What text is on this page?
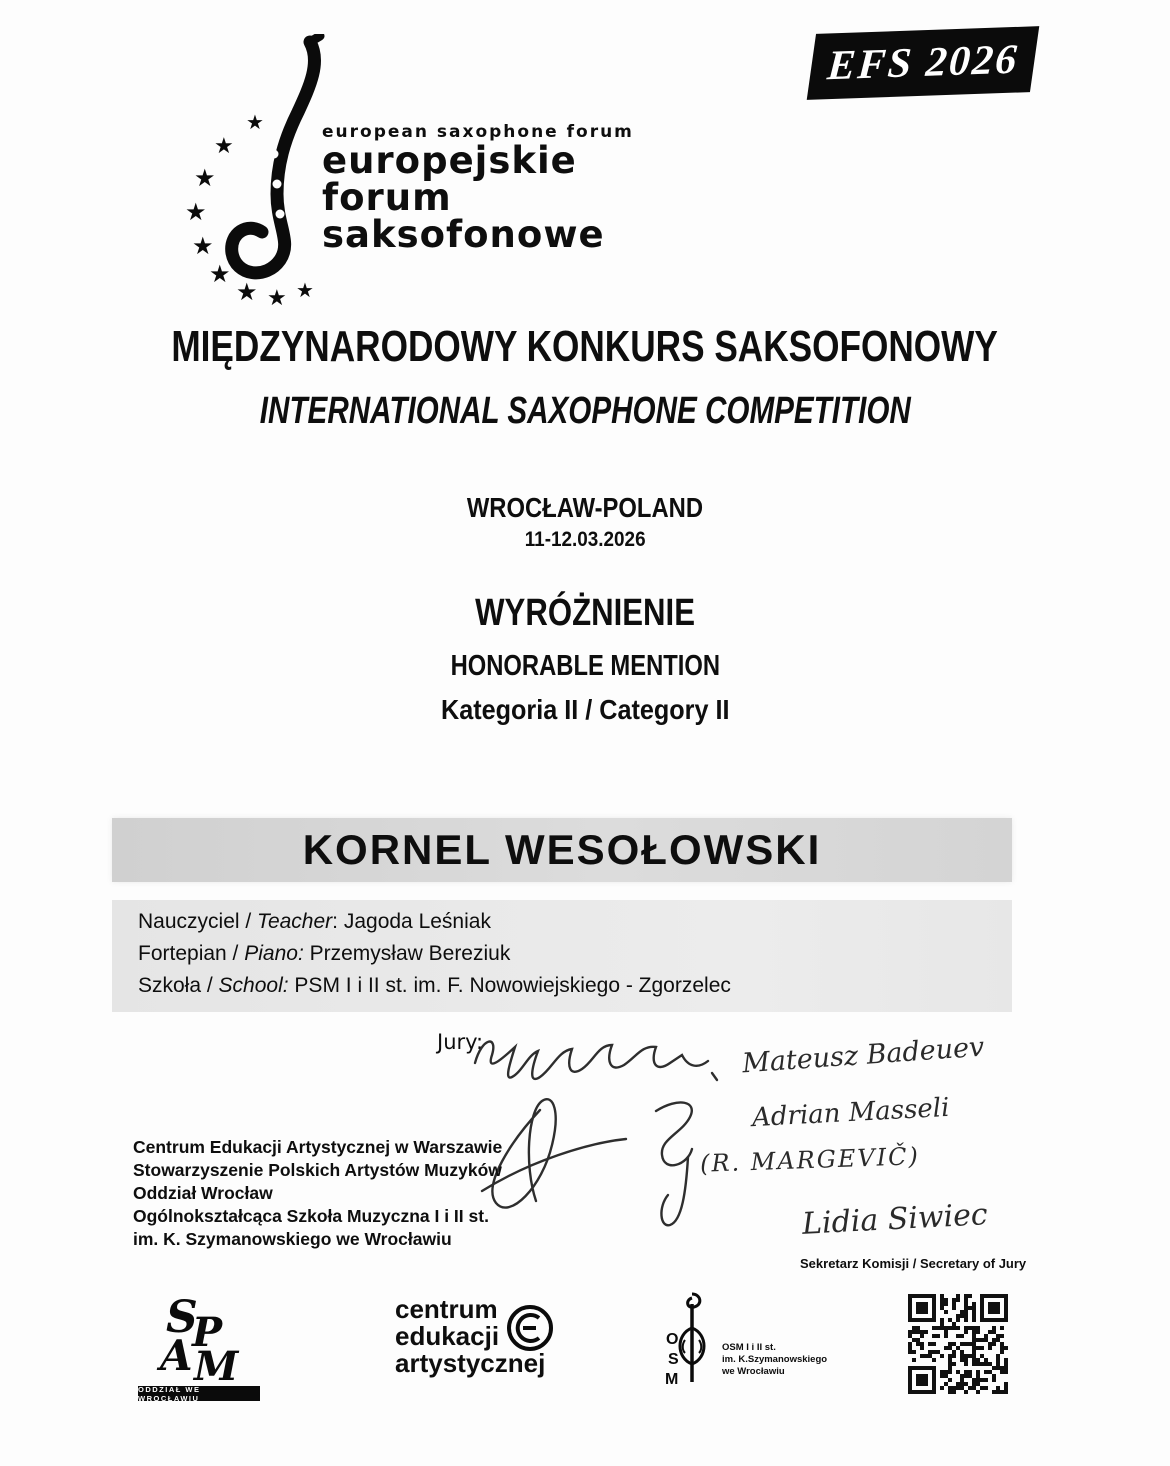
EFS 2026
★
★
★
★
★
★
★ ★ ★
european saxophone forum
europejskie
forum
saksofonowe
MIĘDZYNARODOWY KONKURS SAKSOFONOWY
INTERNATIONAL SAXOPHONE COMPETITION
WROCŁAW-POLAND
11-12.03.2026
WYRÓŻNIENIE
HONORABLE MENTION
Kategoria II / Category II
KORNEL WESOŁOWSKI
Nauczyciel / Teacher: Jagoda Leśniak
Fortepian / Piano: Przemysław Bereziuk
Szkoła / School: PSM I i II st. im. F. Nowowiejskiego - Zgorzelec
Jury:	Mateusz Badeuev
Adrian Masseli
(R. MARGEVIČ)
Lidia Siwiec
Sekretarz Komisji / Secretary of Jury
Centrum Edukacji Artystycznej w Warszawie
Stowarzyszenie Polskich Artystów Muzyków
Oddział Wrocław
Ogólnokształcąca Szkoła Muzyczna I i II st.
im. K. Szymanowskiego we Wrocławiu
S
P
A M
ODDZIAŁ WE WROCŁAWIU
centrum
edukacji
artystycznej
O
S
M
OSM I i II st.
im. K.Szymanowskiego
we Wrocławiu
